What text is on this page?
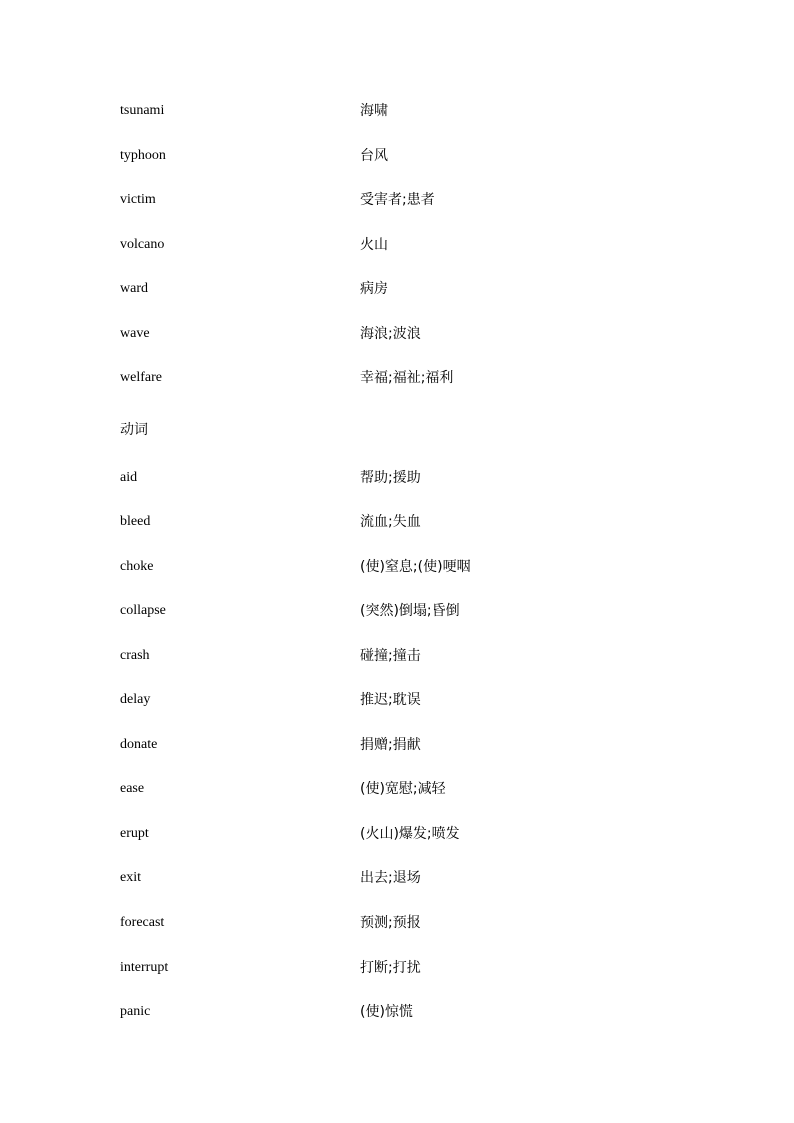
tsunami	海啸
typhoon	台风
victim	受害者;患者
volcano	火山
ward	病房
wave	海浪;波浪
welfare	幸福;福祉;福利
动词
aid	帮助;援助
bleed	流血;失血
choke	(使)窒息;(使)哽咽
collapse	(突然)倒塌;昏倒
crash	碰撞;撞击
delay	推迟;耽误
donate	捐赠;捐献
ease	(使)宽慰;减轻
erupt	(火山)爆发;喷发
exit	出去;退场
forecast	预测;预报
interrupt	打断;打扰
panic	(使)惊慌
